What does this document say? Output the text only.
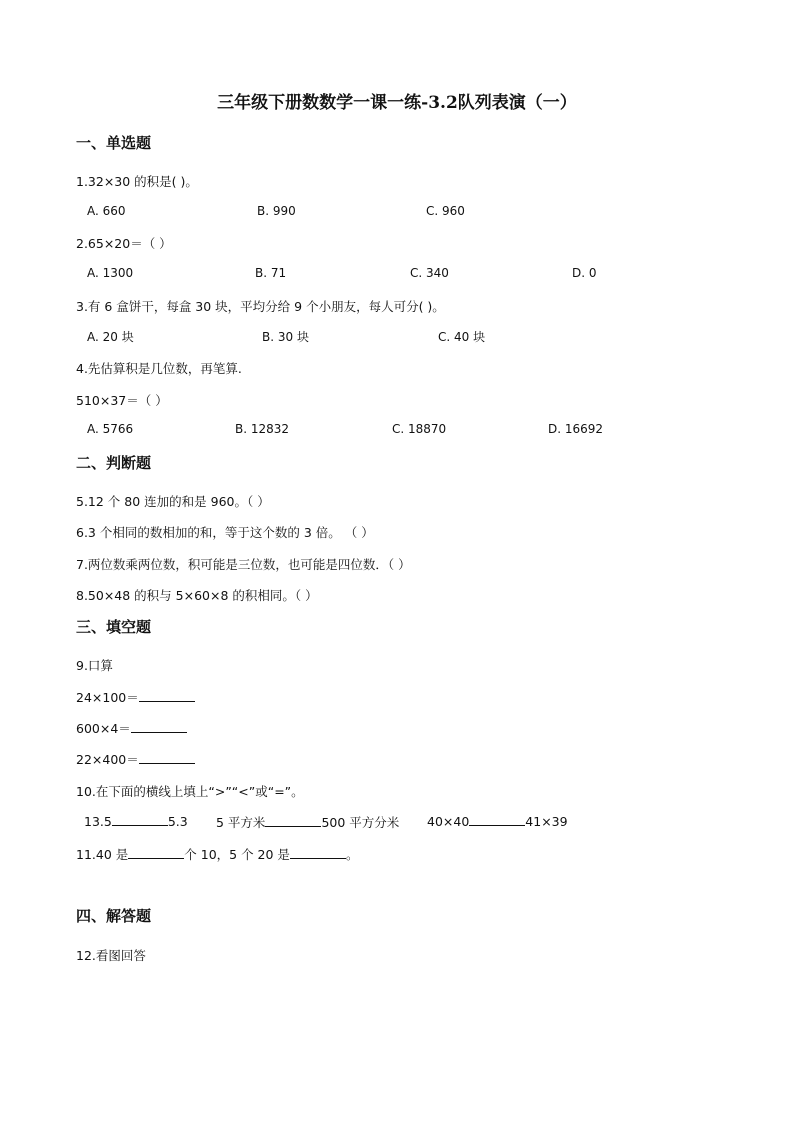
三年级下册数数学一课一练-3.2队列表演（一）
一、单选题
1.32×30 的积是( )。
A. 660	B. 990	C. 960
2.65×20＝（ ）
A. 1300	B. 71	C. 340	D. 0
3.有 6 盒饼干，每盒 30 块，平均分给 9 个小朋友，每人可分( )。
A. 20 块	B. 30 块	C. 40 块
4.先估算积是几位数，再笔算.
510×37＝（ ）
A. 5766	B. 12832	C. 18870	D. 16692
二、判断题
5.12 个 80 连加的和是 960。（ ）
6.3 个相同的数相加的和，等于这个数的 3 倍。 （ ）
7.两位数乘两位数，积可能是三位数，也可能是四位数．（ ）
8.50×48 的积与 5×60×8 的积相同。（ ）
三、填空题
9.口算
24×100＝
600×4＝
22×400＝
10.在下面的横线上填上“>”“<”或“=”。
13.5	5.3 5 平方米	500 平方分米 40×40	41×39
11.40 是	个 10，5 个 20 是	。
四、解答题
12.看图回答
